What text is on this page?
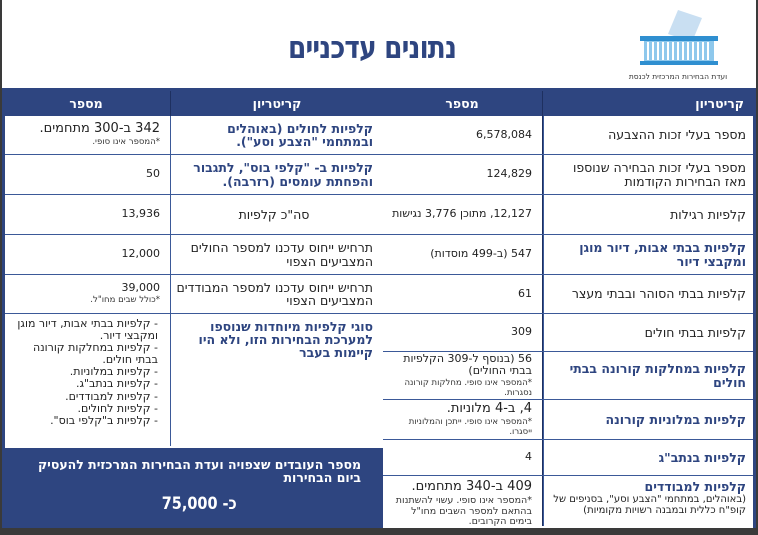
נתונים עדכניים
ועדת הבחירות המרכזית לכנסת
קריטריון
מספר
מספר בעלי זכות ההצבעה
6,578,084
מספר בעלי זכות הבחירה שנוספו מאז הבחירות הקודמות
124,829
קלפיות רגילות
12,127, מתוכן 3,776 נגישות
קלפיות בבתי אבות, דיור מוגן ומקבצי דיור
547 (ב-499 מוסדות)
קלפיות בבתי הסוהר ובבתי מעצר
61
קלפיות בבתי חולים
309
קלפיות במחלקות קורונה בבתי חולים
56 (בנוסף ל-309 הקלפיות בבתי החולים)
*המספר אינו סופי. מחלקות קורונה נסגרות.
קלפיות במלוניות קורונה
4, ב-4 מלוניות.
*המספר אינו סופי. ייתכן והמלוניות ייסגרו.
קלפיות בנתב"ג
4
קלפיות למבודדים
(באוהלים, במתחמי "הצבע וסע", בסניפים של קופ"ח כללית ובמבנה רשויות מקומיות)
409 ב-340 מתחמים.
*המספר אינו סופי. עשוי להשתנות בהתאם למספר השבים מחו"ל בימים הקרובים.
קריטריון
מספר
קלפיות לחולים (באוהלים ובמתחמי "הצבע וסע").
342 ב-300 מתחמים.
*המספר אינו סופי.
קלפיות ב- "קלפי בוס", לתגבור והפחתת עומסים (רזרבה).
50
סה"כ קלפיות
13,936
תרחיש ייחוס עדכנו למספר החולים המצביעים הצפוי
12,000
תרחיש ייחוס עדכנו למספר המבודדים המצביעים הצפוי
39,000
*כולל שבים מחו"ל.
סוגי קלפיות מיוחדות שנוספו למערכת הבחירות הזו, ולא היו קיימות בעבר
- קלפיות בבתי אבות, דיור מוגן ומקבצי דיור.
- קלפיות במחלקות קורונה בבתי חולים.
- קלפיות במלוניות.
- קלפיות בנתב"ג.
- קלפיות למבודדים.
- קלפיות לחולים.
- קלפיות ב"קלפי בוס".
מספר העובדים שצפויה ועדת הבחירות המרכזית להעסיק ביום הבחירות
כ- 75,000
